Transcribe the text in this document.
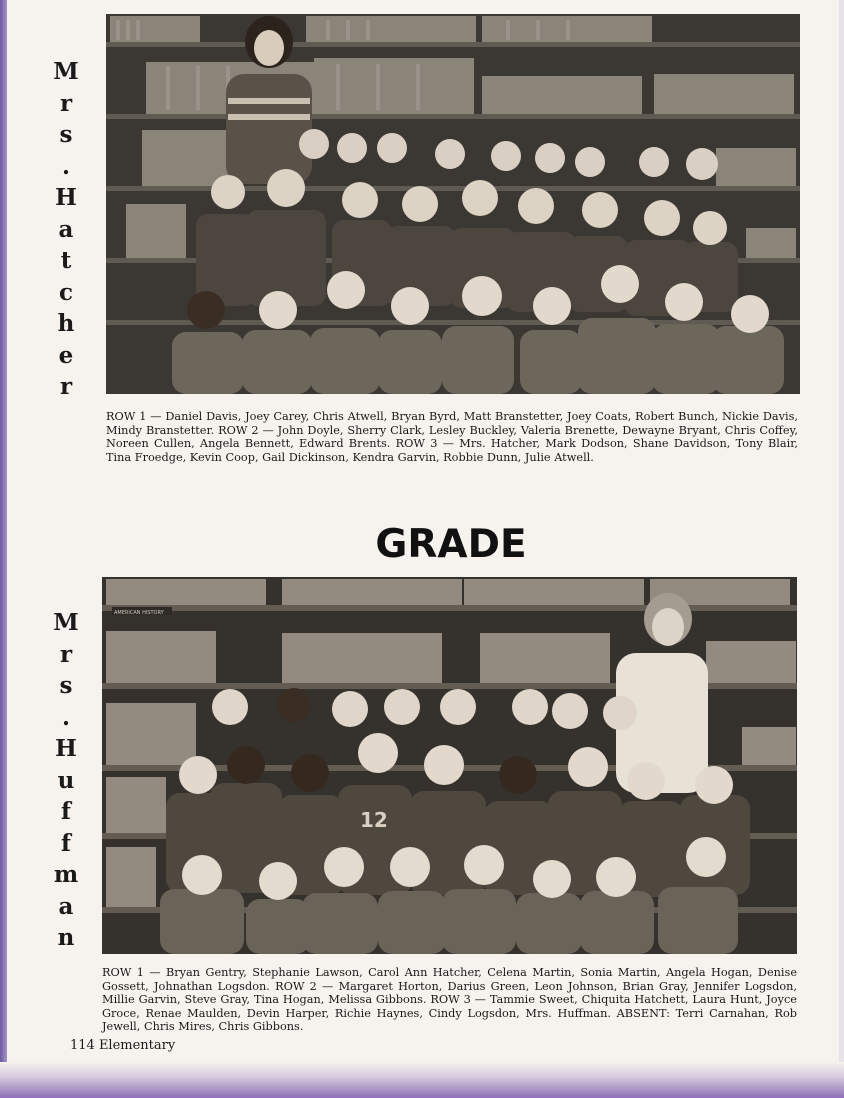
M
r
s
.
H
a
t
c
h
e
r
ROW 1 — Daniel Davis, Joey Carey, Chris Atwell, Bryan Byrd, Matt Branstetter, Joey Coats, Robert Bunch, Nickie Davis, Mindy Branstetter. ROW 2 — John Doyle, Sherry Clark, Lesley Buckley, Valeria Brenette, Dewayne Bryant, Chris Coffey, Noreen Cullen, Angela Bennett, Edward Brents. ROW 3 — Mrs. Hatcher, Mark Dodson, Shane Davidson, Tony Blair, Tina Froedge, Kevin Coop, Gail Dickinson, Kendra Garvin, Robbie Dunn, Julie Atwell.
GRADE
M
r
s
.
H
u
f
f
m
a
n
AMERICAN HISTORY
12
ROW 1 — Bryan Gentry, Stephanie Lawson, Carol Ann Hatcher, Celena Martin, Sonia Martin, Angela Hogan, Denise Gossett, Johnathan Logsdon. ROW 2 — Margaret Horton, Darius Green, Leon Johnson, Brian Gray, Jennifer Logsdon, Millie Garvin, Steve Gray, Tina Hogan, Melissa Gibbons. ROW 3 — Tammie Sweet, Chiquita Hatchett, Laura Hunt, Joyce Groce, Renae Maulden, Devin Harper, Richie Haynes, Cindy Logsdon, Mrs. Huffman. ABSENT: Terri Carnahan, Rob Jewell, Chris Mires, Chris Gibbons.
114 Elementary
